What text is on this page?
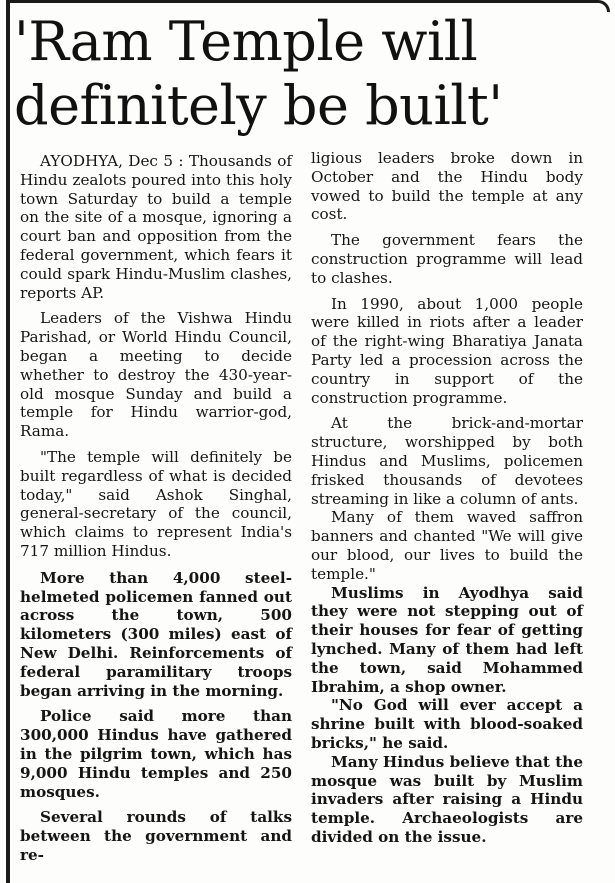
'Ram Temple will definitely be built'

AYODHYA, Dec 5 : Thousands of Hindu zealots poured into this holy town Saturday to build a temple on the site of a mosque, ignoring a court ban and opposition from the federal government, which fears it could spark Hindu-Muslim clashes, reports AP.

Leaders of the Vishwa Hindu Parishad, or World Hindu Council, began a meeting to decide whether to destroy the 430-year-old mosque Sunday and build a temple for Hindu warrior-god, Rama.

"The temple will definitely be built regardless of what is decided today," said Ashok Singhal, general-secretary of the council, which claims to represent India's 717 million Hindus.

More than 4,000 steel-helmeted policemen fanned out across the town, 500 kilometers (300 miles) east of New Delhi. Reinforcements of federal paramilitary troops began arriving in the morning.

Police said more than 300,000 Hindus have gathered in the pilgrim town, which has 9,000 Hindu temples and 250 mosques.

Several rounds of talks between the government and re-

ligious leaders broke down in October and the Hindu body vowed to build the temple at any cost.

The government fears the construction programme will lead to clashes.

In 1990, about 1,000 people were killed in riots after a leader of the right-wing Bharatiya Janata Party led a procession across the country in support of the construction programme.

At the brick-and-mortar structure, worshipped by both Hindus and Muslims, policemen frisked thousands of devotees streaming in like a column of ants.

Many of them waved saffron banners and chanted "We will give our blood, our lives to build the temple."

Muslims in Ayodhya said they were not stepping out of their houses for fear of getting lynched. Many of them had left the town, said Mohammed Ibrahim, a shop owner.

"No God will ever accept a shrine built with blood-soaked bricks," he said.

Many Hindus believe that the mosque was built by Muslim invaders after raising a Hindu temple. Archaeologists are divided on the issue.
